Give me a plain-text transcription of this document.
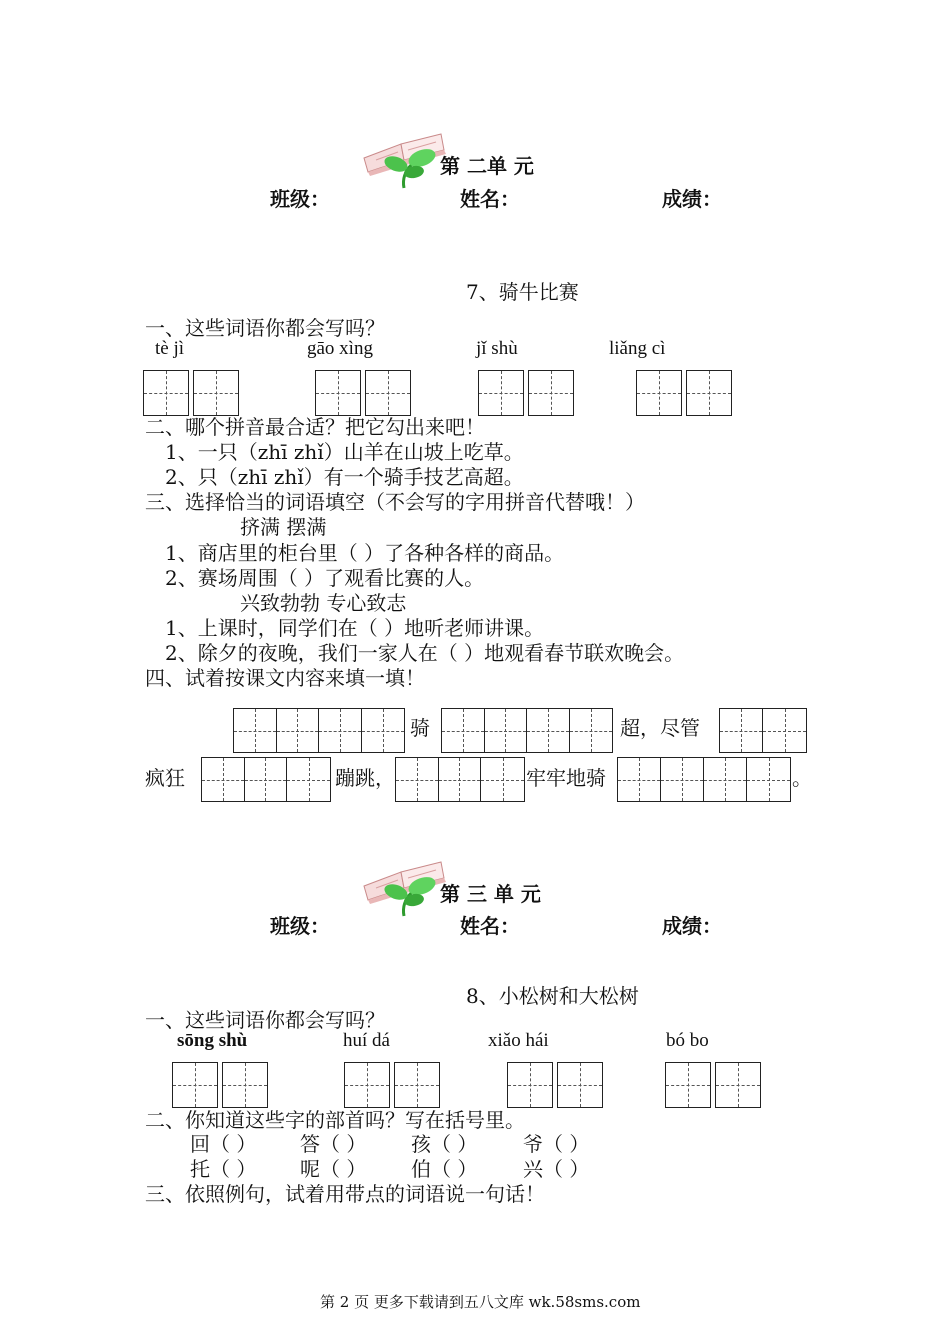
第 二单 元
班级：	姓名：	成绩：
7、骑牛比赛
一、这些词语你都会写吗？
tè jì	gāo xìng	jǐ shù	liǎng cì
二、哪个拼音最合适？把它勾出来吧！
1、一只（zhī zhǐ）山羊在山坡上吃草。
2、只（zhī zhǐ）有一个骑手技艺高超。
三、选择恰当的词语填空（不会写的字用拼音代替哦！）
挤满 摆满
1、商店里的柜台里（ ）了各种各样的商品。
2、赛场周围（ ）了观看比赛的人。
兴致勃勃 专心致志
1、上课时，同学们在（ ）地听老师讲课。
2、除夕的夜晚，我们一家人在（ ）地观看春节联欢晚会。
四、试着按课文内容来填一填！
骑	超，尽管
疯狂	蹦跳，	牢牢地骑	。
第 三 单 元
班级：	姓名：	成绩：
8、小松树和大松树
一、这些词语你都会写吗？
sōng shù	huí dá	xiǎo hái	bó bo
二、你知道这些字的部首吗？写在括号里。
回（ ） 答（ ） 孩（ ） 爷（ ）
托（ ） 呢（ ） 伯（ ） 兴（ ）
三、依照例句，试着用带点的词语说一句话！
第 2 页 更多下载请到五八文库 wk.58sms.com
